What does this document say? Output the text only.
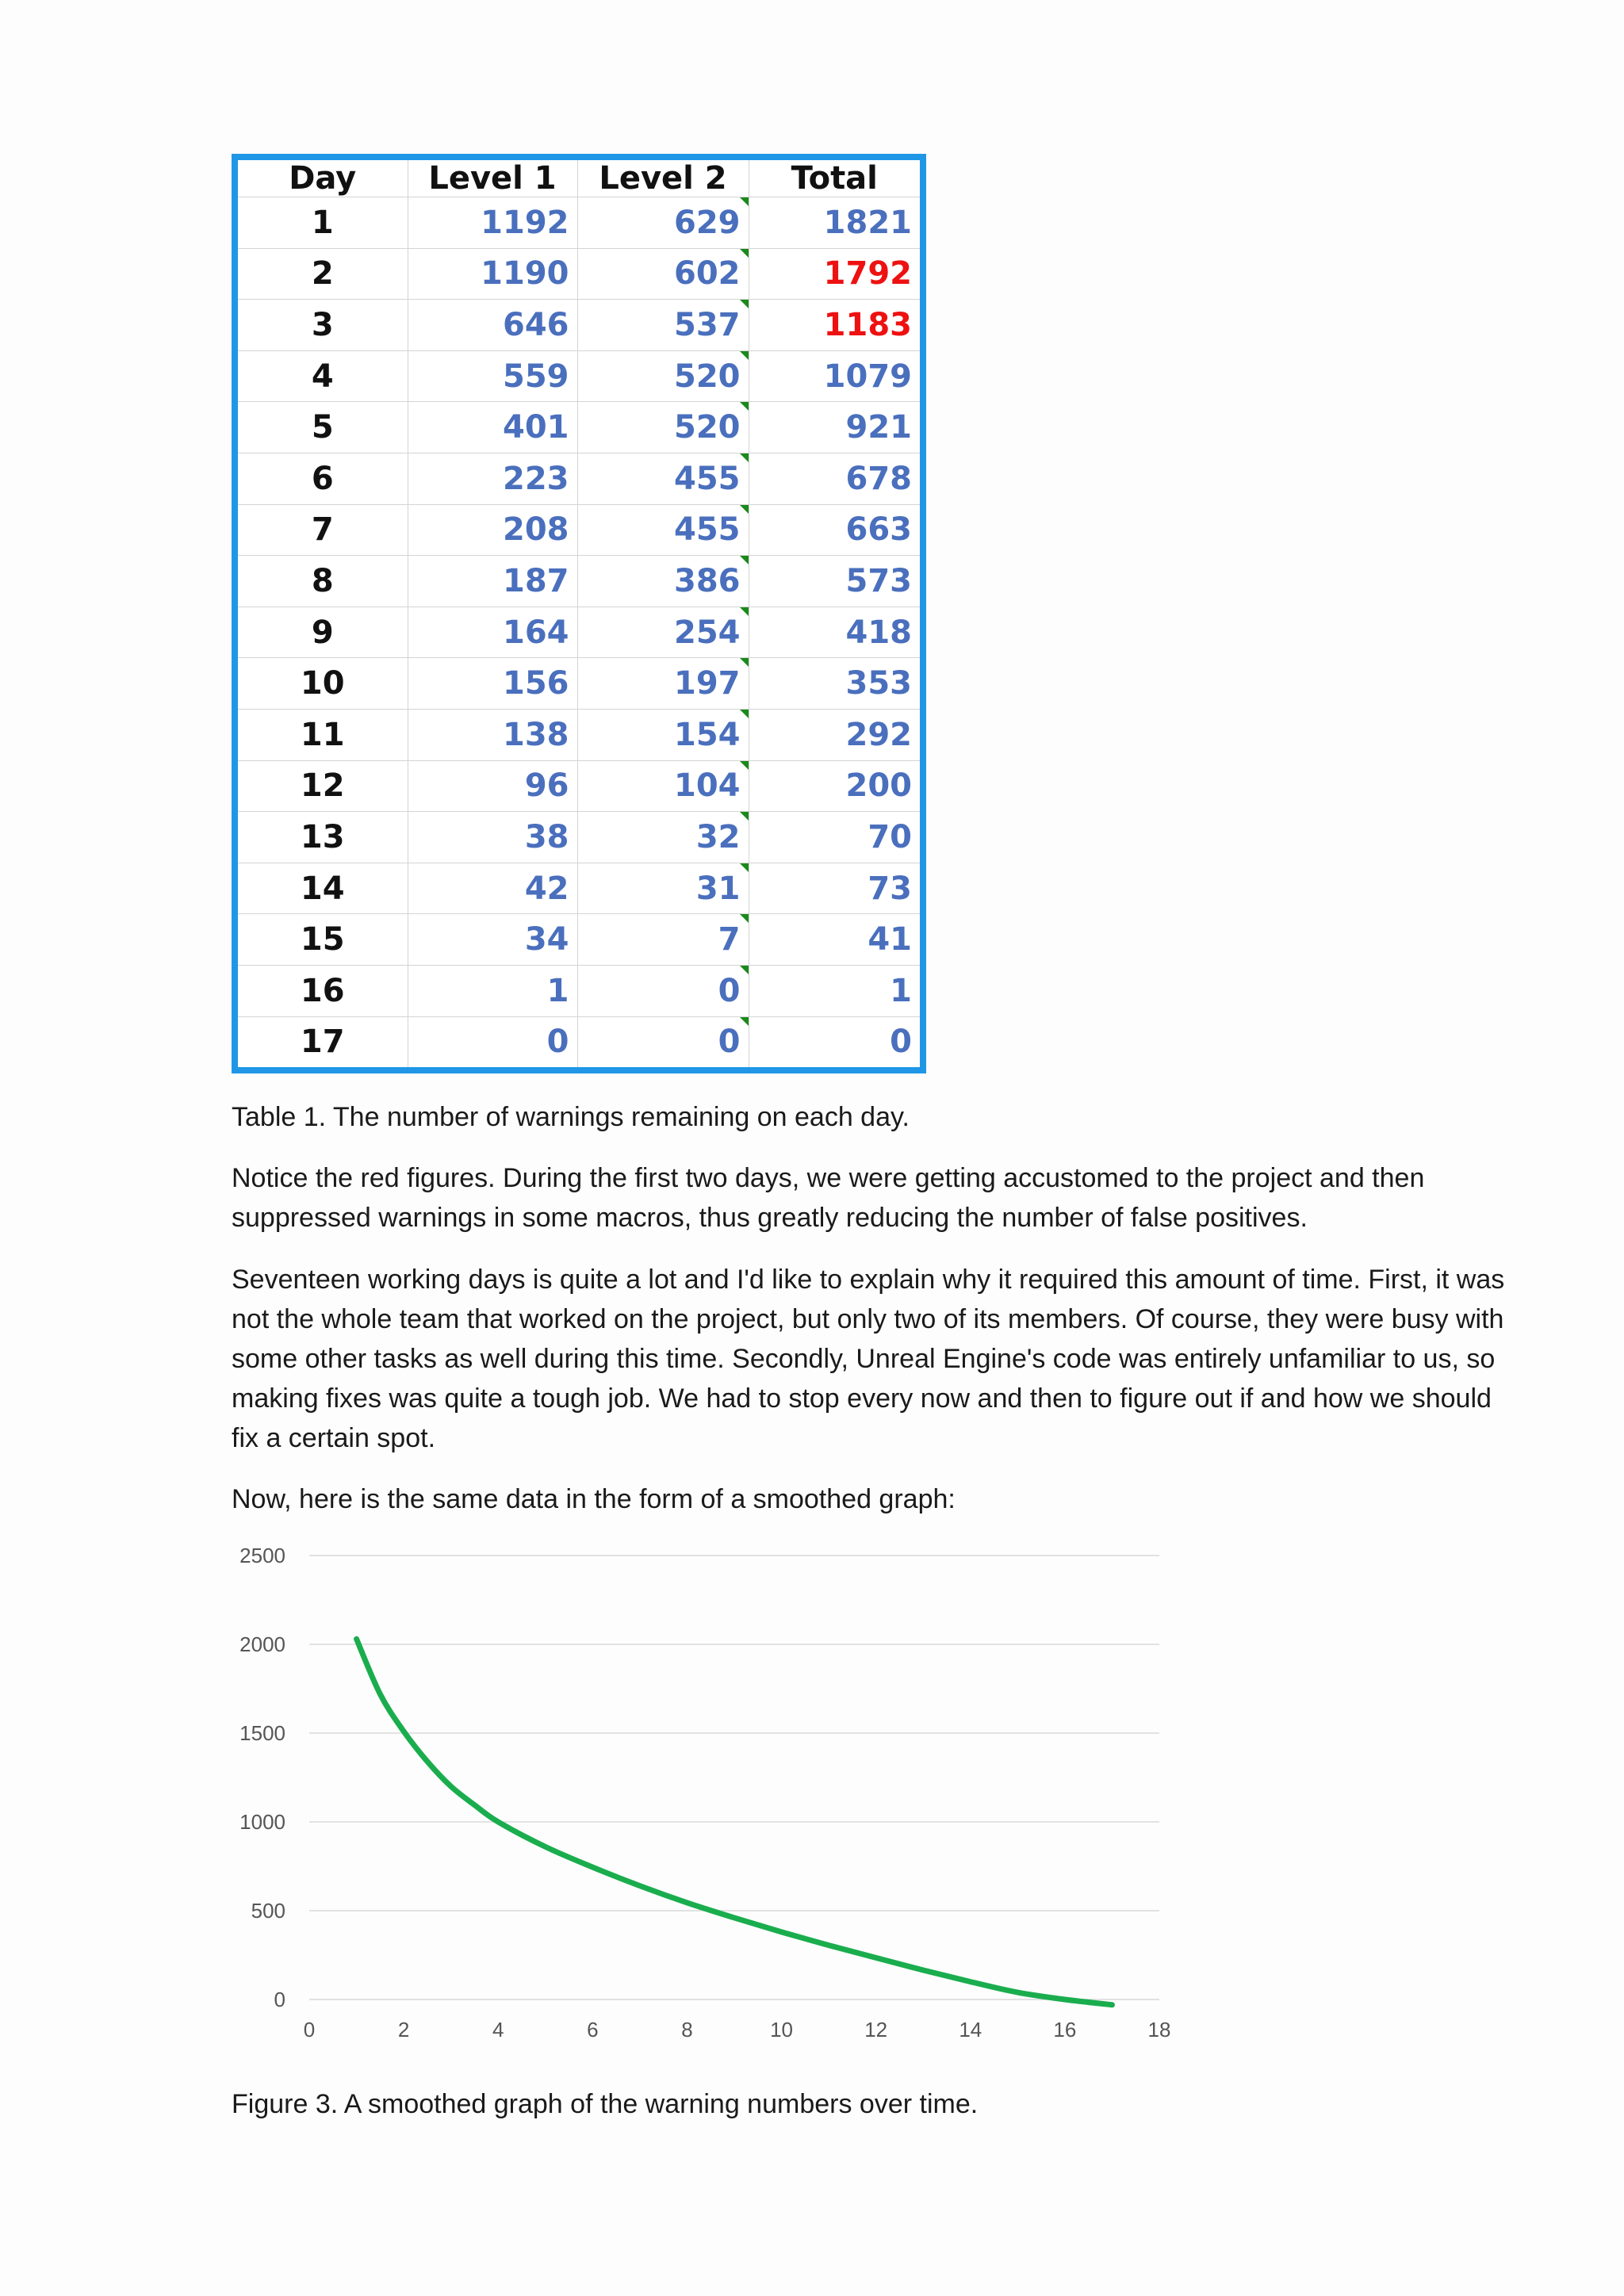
Day	Level 1	Level 2	Total
1	1192	629	1821
2	1190	602	1792
3	646	537	1183
4	559	520	1079
5	401	520	921
6	223	455	678
7	208	455	663
8	187	386	573
9	164	254	418
10	156	197	353
11	138	154	292
12	96	104	200
13	38	32	70
14	42	31	73
15	34	7	41
16	1	0	1
17	0	0	0

Table 1. The number of warnings remaining on each day.

Notice the red figures. During the first two days, we were getting accustomed to the project and then suppressed warnings in some macros, thus greatly reducing the number of false positives.

Seventeen working days is quite a lot and I'd like to explain why it required this amount of time. First, it was not the whole team that worked on the project, but only two of its members. Of course, they were busy with some other tasks as well during this time. Secondly, Unreal Engine's code was entirely unfamiliar to us, so making fixes was quite a tough job. We had to stop every now and then to figure out if and how we should fix a certain spot.

Now, here is the same data in the form of a smoothed graph:

0
500
1000
1500
2000
2500
0	2	4	6	8	10	12	14	16	18

Figure 3. A smoothed graph of the warning numbers over time.
